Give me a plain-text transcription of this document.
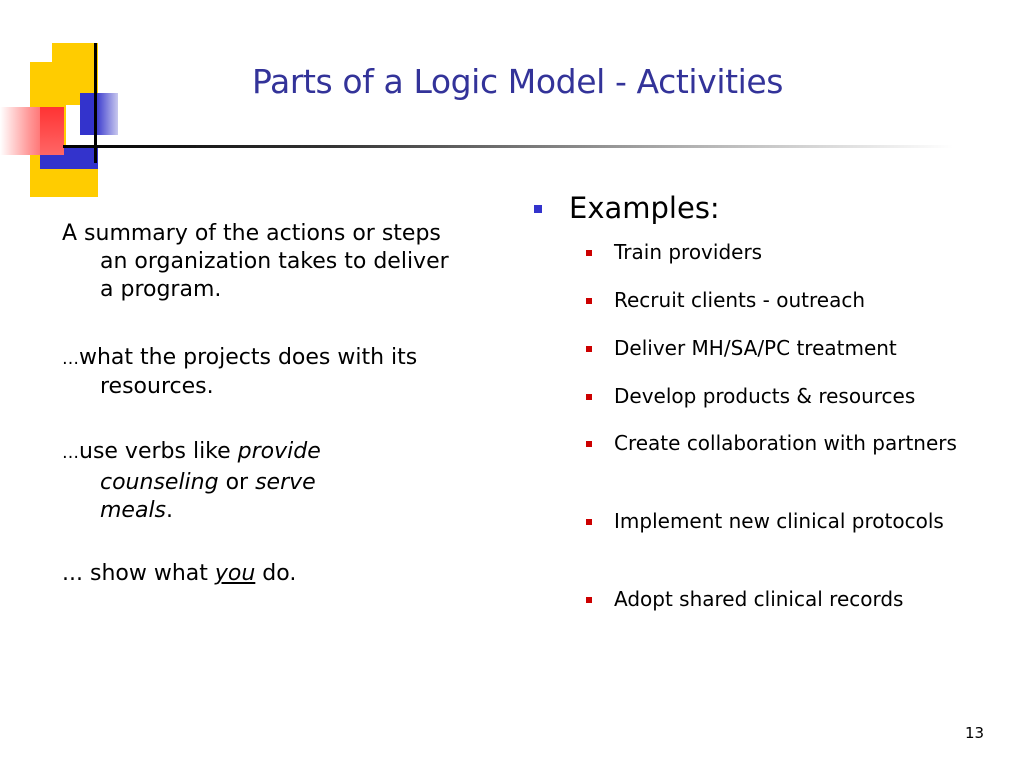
Parts of a Logic Model - Activities

A summary of the actions or steps
an organization takes to deliver
a program.

…what the projects does with its
resources.

…use verbs like provide
counseling or serve
meals.

... show what you do.

Examples:
Train providers
Recruit clients - outreach
Deliver MH/SA/PC treatment
Develop products & resources
Create collaboration with partners
Implement new clinical protocols
Adopt shared clinical records
13
